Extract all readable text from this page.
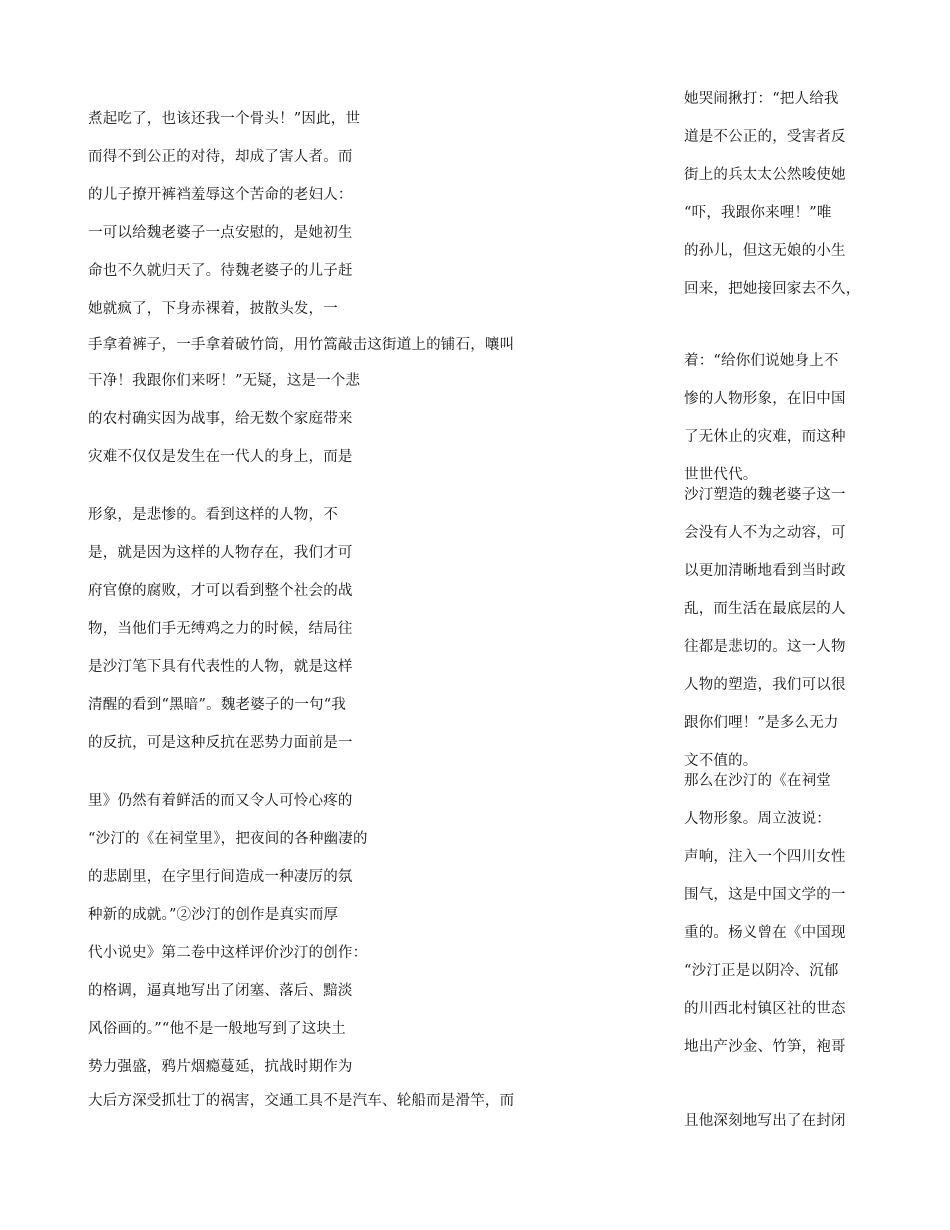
煮起吃了，也该还我一个骨头！”因此，世
而得不到公正的对待，却成了害人者。而
的儿子撩开裤裆羞辱这个苦命的老妇人：
一可以给魏老婆子一点安慰的，是她初生
命也不久就归天了。待魏老婆子的儿子赶
她就疯了，下身赤裸着，披散头发，一
手拿着裤子，一手拿着破竹筒，用竹篙敲击这街道上的铺石，嚷叫
干净！我跟你们来呀！”无疑，这是一个悲
的农村确实因为战事，给无数个家庭带来
灾难不仅仅是发生在一代人的身上，而是
形象，是悲惨的。看到这样的人物，不
是，就是因为这样的人物存在，我们才可
府官僚的腐败，才可以看到整个社会的战
物，当他们手无缚鸡之力的时候，结局往
是沙汀笔下具有代表性的人物，就是这样
清醒的看到“黑暗”。魏老婆子的一句“我
的反抗，可是这种反抗在恶势力面前是一
里》仍然有着鲜活的而又令人可怜心疼的
“沙汀的《在祠堂里》，把夜间的各种幽凄的
的悲剧里，在字里行间造成一种凄厉的氛
种新的成就。”②沙汀的创作是真实而厚
代小说史》第二卷中这样评价沙汀的创作：
的格调，逼真地写出了闭塞、落后、黯淡
风俗画的。”“他不是一般地写到了这块土
势力强盛，鸦片烟瘾蔓延，抗战时期作为
大后方深受抓壮丁的祸害，交通工具不是汽车、轮船而是滑竿，而
她哭闹揪打：“把人给我
道是不公正的，受害者反
街上的兵太太公然唆使她
“吓，我跟你来哩！”唯
的孙儿，但这无娘的小生
回来，把她接回家去不久，
着：“给你们说她身上不
惨的人物形象，在旧中国
了无休止的灾难，而这种
世世代代。
沙汀塑造的魏老婆子这一
会没有人不为之动容，可
以更加清晰地看到当时政
乱，而生活在最底层的人
往都是悲切的。这一人物
人物的塑造，我们可以很
跟你们哩！”是多么无力
文不值的。
那么在沙汀的《在祠堂
人物形象。周立波说：
声响，注入一个四川女性
围气，这是中国文学的一
重的。杨义曾在《中国现
“沙汀正是以阴冷、沉郁
的川西北村镇区社的世态
地出产沙金、竹笋，袍哥
且他深刻地写出了在封闭
